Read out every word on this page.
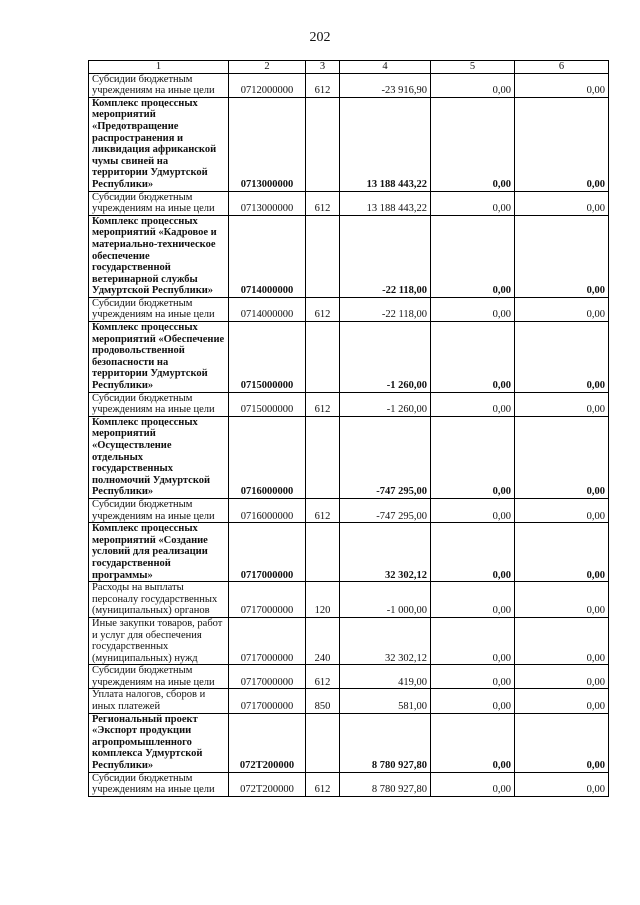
202
1	2	3	4	5	6
Субсидии бюджетным учреждениям на иные цели	0712000000	612	-23 916,90	0,00	0,00
Комплекс процессных мероприятий «Предотвращение распространения и ликвидация африканской чумы свиней на территории Удмуртской Республики»	0713000000		13 188 443,22	0,00	0,00
Субсидии бюджетным учреждениям на иные цели	0713000000	612	13 188 443,22	0,00	0,00
Комплекс процессных мероприятий «Кадровое и материально-техническое обеспечение государственной ветеринарной службы Удмуртской Республики»	0714000000		-22 118,00	0,00	0,00
Субсидии бюджетным учреждениям на иные цели	0714000000	612	-22 118,00	0,00	0,00
Комплекс процессных мероприятий «Обеспечение продовольственной безопасности на территории Удмуртской Республики»	0715000000		-1 260,00	0,00	0,00
Субсидии бюджетным учреждениям на иные цели	0715000000	612	-1 260,00	0,00	0,00
Комплекс процессных мероприятий «Осуществление отдельных государственных полномочий Удмуртской Республики»	0716000000		-747 295,00	0,00	0,00
Субсидии бюджетным учреждениям на иные цели	0716000000	612	-747 295,00	0,00	0,00
Комплекс процессных мероприятий «Создание условий для реализации государственной программы»	0717000000		32 302,12	0,00	0,00
Расходы на выплаты персоналу государственных (муниципальных) органов	0717000000	120	-1 000,00	0,00	0,00
Иные закупки товаров, работ и услуг для обеспечения государственных (муниципальных) нужд	0717000000	240	32 302,12	0,00	0,00
Субсидии бюджетным учреждениям на иные цели	0717000000	612	419,00	0,00	0,00
Уплата налогов, сборов и иных платежей	0717000000	850	581,00	0,00	0,00
Региональный проект «Экспорт продукции агропромышленного комплекса Удмуртской Республики»	072Т200000		8 780 927,80	0,00	0,00
Субсидии бюджетным учреждениям на иные цели	072Т200000	612	8 780 927,80	0,00	0,00
